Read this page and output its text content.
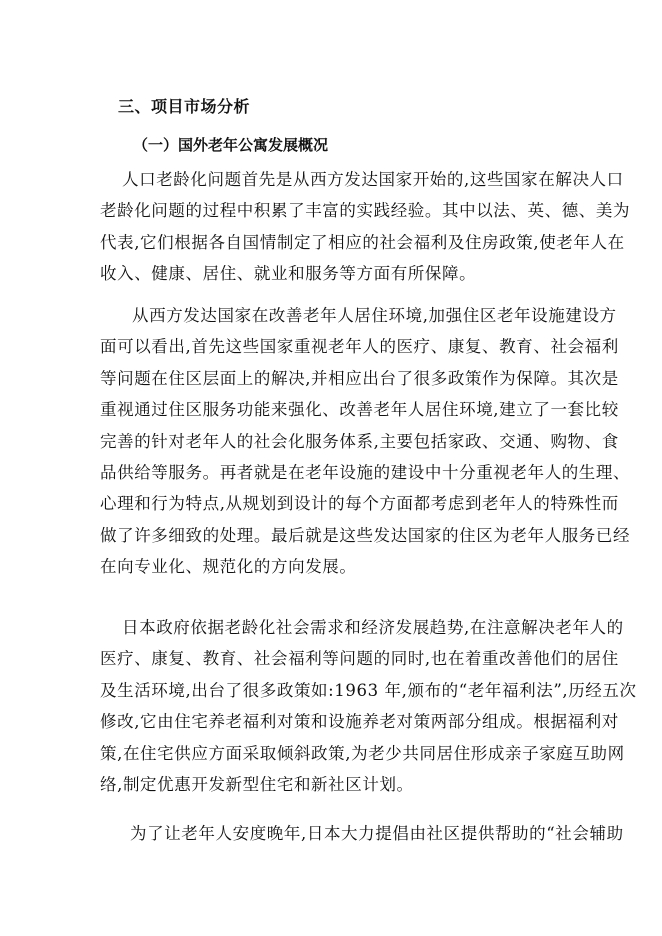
三、项目市场分析
（一）国外老年公寓发展概况
人口老龄化问题首先是从西方发达国家开始的,这些国家在解决人口
老龄化问题的过程中积累了丰富的实践经验。其中以法、英、德、美为
代表,它们根据各自国情制定了相应的社会福利及住房政策,使老年人在
收入、健康、居住、就业和服务等方面有所保障。
从西方发达国家在改善老年人居住环境,加强住区老年设施建设方
面可以看出,首先这些国家重视老年人的医疗、康复、教育、社会福利
等问题在住区层面上的解决,并相应出台了很多政策作为保障。其次是
重视通过住区服务功能来强化、改善老年人居住环境,建立了一套比较
完善的针对老年人的社会化服务体系,主要包括家政、交通、购物、食
品供给等服务。再者就是在老年设施的建设中十分重视老年人的生理、
心理和行为特点,从规划到设计的每个方面都考虑到老年人的特殊性而
做了许多细致的处理。最后就是这些发达国家的住区为老年人服务已经
在向专业化、规范化的方向发展。
日本政府依据老龄化社会需求和经济发展趋势,在注意解决老年人的
医疗、康复、教育、社会福利等问题的同时,也在着重改善他们的居住
及生活环境,出台了很多政策如:1963 年,颁布的“老年福利法”,历经五次
修改,它由住宅养老福利对策和设施养老对策两部分组成。根据福利对
策,在住宅供应方面采取倾斜政策,为老少共同居住形成亲子家庭互助网
络,制定优惠开发新型住宅和新社区计划。
为了让老年人安度晚年,日本大力提倡由社区提供帮助的“社会辅助
